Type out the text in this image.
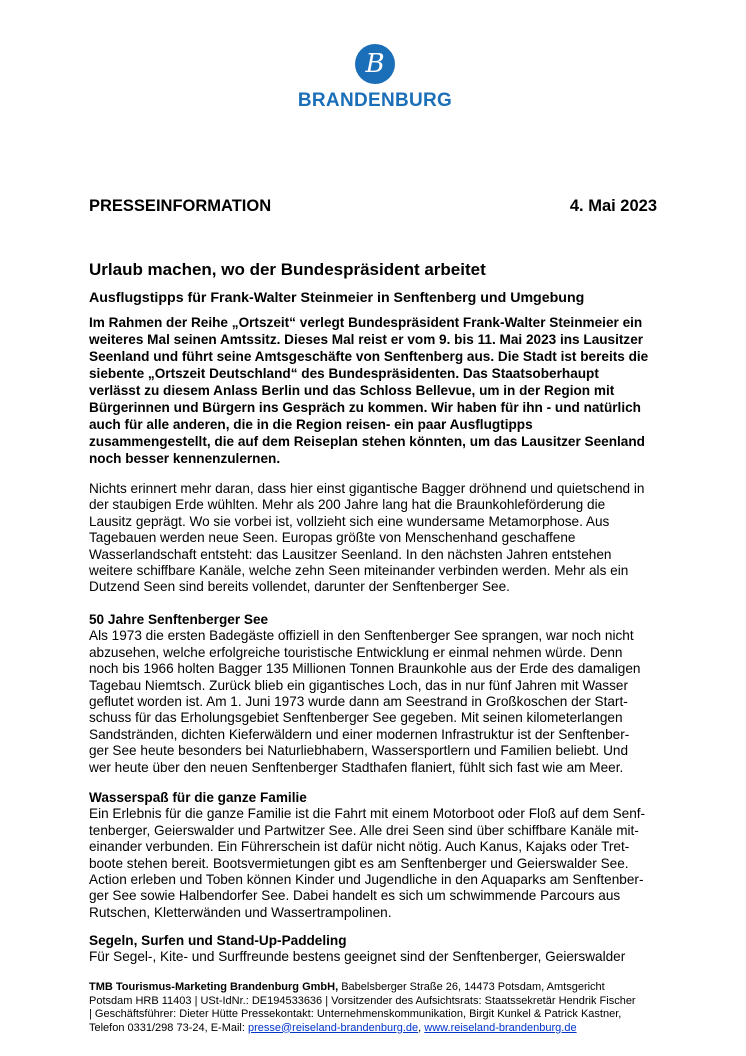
B
BRANDENBURG
PRESSEINFORMATION	4. Mai 2023
Urlaub machen, wo der Bundespräsident arbeitet
Ausflugstipps für Frank-Walter Steinmeier in Senftenberg und Umgebung
Im Rahmen der Reihe „Ortszeit“ verlegt Bundespräsident Frank-Walter Steinmeier ein
weiteres Mal seinen Amtssitz. Dieses Mal reist er vom 9. bis 11. Mai 2023 ins Lausitzer
Seenland und führt seine Amtsgeschäfte von Senftenberg aus. Die Stadt ist bereits die
siebente „Ortszeit Deutschland“ des Bundespräsidenten. Das Staatsoberhaupt
verlässt zu diesem Anlass Berlin und das Schloss Bellevue, um in der Region mit
Bürgerinnen und Bürgern ins Gespräch zu kommen. Wir haben für ihn - und natürlich
auch für alle anderen, die in die Region reisen- ein paar Ausflugtipps
zusammengestellt, die auf dem Reiseplan stehen könnten, um das Lausitzer Seenland
noch besser kennenzulernen.
Nichts erinnert mehr daran, dass hier einst gigantische Bagger dröhnend und quietschend in
der staubigen Erde wühlten. Mehr als 200 Jahre lang hat die Braunkohleförderung die
Lausitz geprägt. Wo sie vorbei ist, vollzieht sich eine wundersame Metamorphose. Aus
Tagebauen werden neue Seen. Europas größte von Menschenhand geschaffene
Wasserlandschaft entsteht: das Lausitzer Seenland. In den nächsten Jahren entstehen
weitere schiffbare Kanäle, welche zehn Seen miteinander verbinden werden. Mehr als ein
Dutzend Seen sind bereits vollendet, darunter der Senftenberger See.
50 Jahre Senftenberger See
Als 1973 die ersten Badegäste offiziell in den Senftenberger See sprangen, war noch nicht
abzusehen, welche erfolgreiche touristische Entwicklung er einmal nehmen würde. Denn
noch bis 1966 holten Bagger 135 Millionen Tonnen Braunkohle aus der Erde des damaligen
Tagebau Niemtsch. Zurück blieb ein gigantisches Loch, das in nur fünf Jahren mit Wasser
geflutet worden ist. Am 1. Juni 1973 wurde dann am Seestrand in Großkoschen der Start-
schuss für das Erholungsgebiet Senftenberger See gegeben. Mit seinen kilometerlangen
Sandstränden, dichten Kieferwäldern und einer modernen Infrastruktur ist der Senftenber-
ger See heute besonders bei Naturliebhabern, Wassersportlern und Familien beliebt. Und
wer heute über den neuen Senftenberger Stadthafen flaniert, fühlt sich fast wie am Meer.
Wasserspaß für die ganze Familie
Ein Erlebnis für die ganze Familie ist die Fahrt mit einem Motorboot oder Floß auf dem Senf-
tenberger, Geierswalder und Partwitzer See. Alle drei Seen sind über schiffbare Kanäle mit-
einander verbunden. Ein Führerschein ist dafür nicht nötig. Auch Kanus, Kajaks oder Tret-
boote stehen bereit. Bootsvermietungen gibt es am Senftenberger und Geierswalder See.
Action erleben und Toben können Kinder und Jugendliche in den Aquaparks am Senftenber-
ger See sowie Halbendorfer See. Dabei handelt es sich um schwimmende Parcours aus
Rutschen, Kletterwänden und Wassertrampolinen.
Segeln, Surfen und Stand-Up-Paddeling
Für Segel-, Kite- und Surffreunde bestens geeignet sind der Senftenberger, Geierswalder
TMB Tourismus-Marketing Brandenburg GmbH, Babelsberger Straße 26, 14473 Potsdam, Amtsgericht
Potsdam HRB 11403 | USt-IdNr.: DE194533636 | Vorsitzender des Aufsichtsrats: Staatssekretär Hendrik Fischer
| Geschäftsführer: Dieter Hütte Pressekontakt: Unternehmenskommunikation, Birgit Kunkel & Patrick Kastner,
Telefon 0331/298 73-24, E-Mail: presse@reiseland-brandenburg.de, www.reiseland-brandenburg.de
